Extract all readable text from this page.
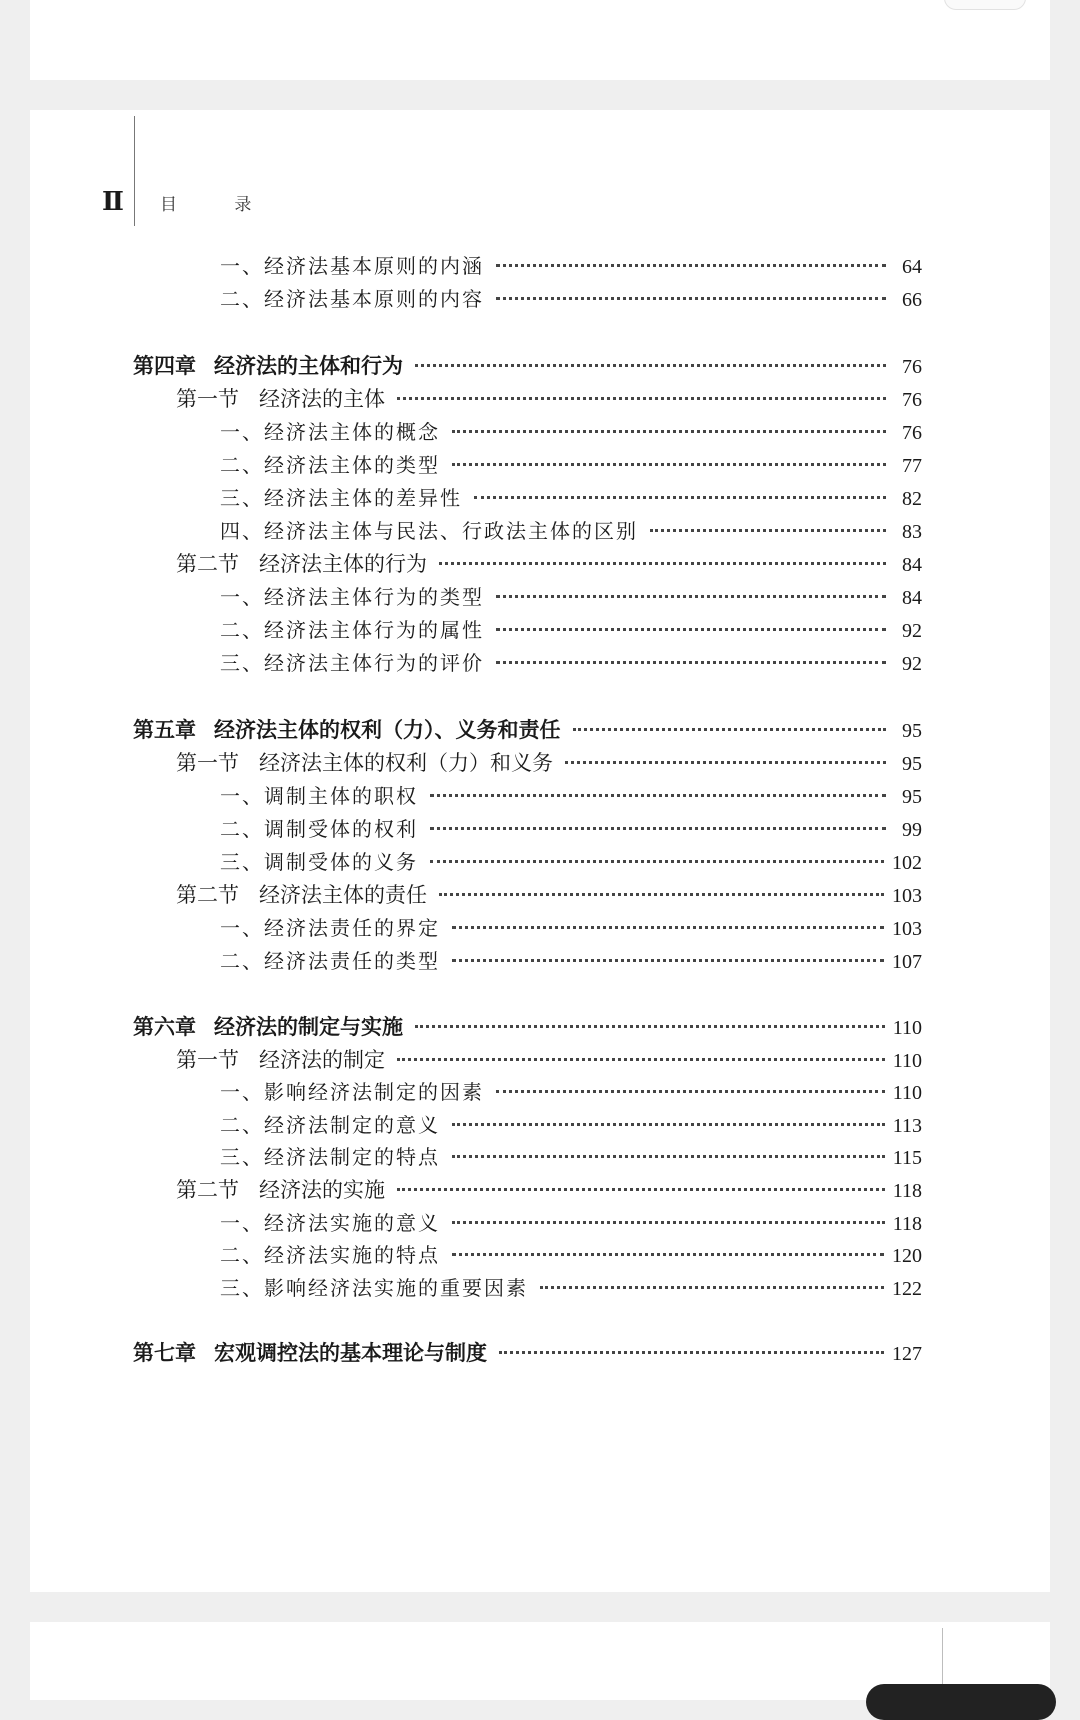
Ⅱ	目 录
一、经济法基本原则的内涵	64
二、经济法基本原则的内容	66
第四章 经济法的主体和行为	76
第一节 经济法的主体	76
一、经济法主体的概念	76
二、经济法主体的类型	77
三、经济法主体的差异性	82
四、经济法主体与民法、行政法主体的区别	83
第二节 经济法主体的行为	84
一、经济法主体行为的类型	84
二、经济法主体行为的属性	92
三、经济法主体行为的评价	92
第五章 经济法主体的权利（力）、义务和责任	95
第一节 经济法主体的权利（力）和义务	95
一、调制主体的职权	95
二、调制受体的权利	99
三、调制受体的义务	102
第二节 经济法主体的责任	103
一、经济法责任的界定	103
二、经济法责任的类型	107
第六章 经济法的制定与实施	110
第一节 经济法的制定	110
一、影响经济法制定的因素	110
二、经济法制定的意义	113
三、经济法制定的特点	115
第二节 经济法的实施	118
一、经济法实施的意义	118
二、经济法实施的特点	120
三、影响经济法实施的重要因素	122
第七章 宏观调控法的基本理论与制度	127
